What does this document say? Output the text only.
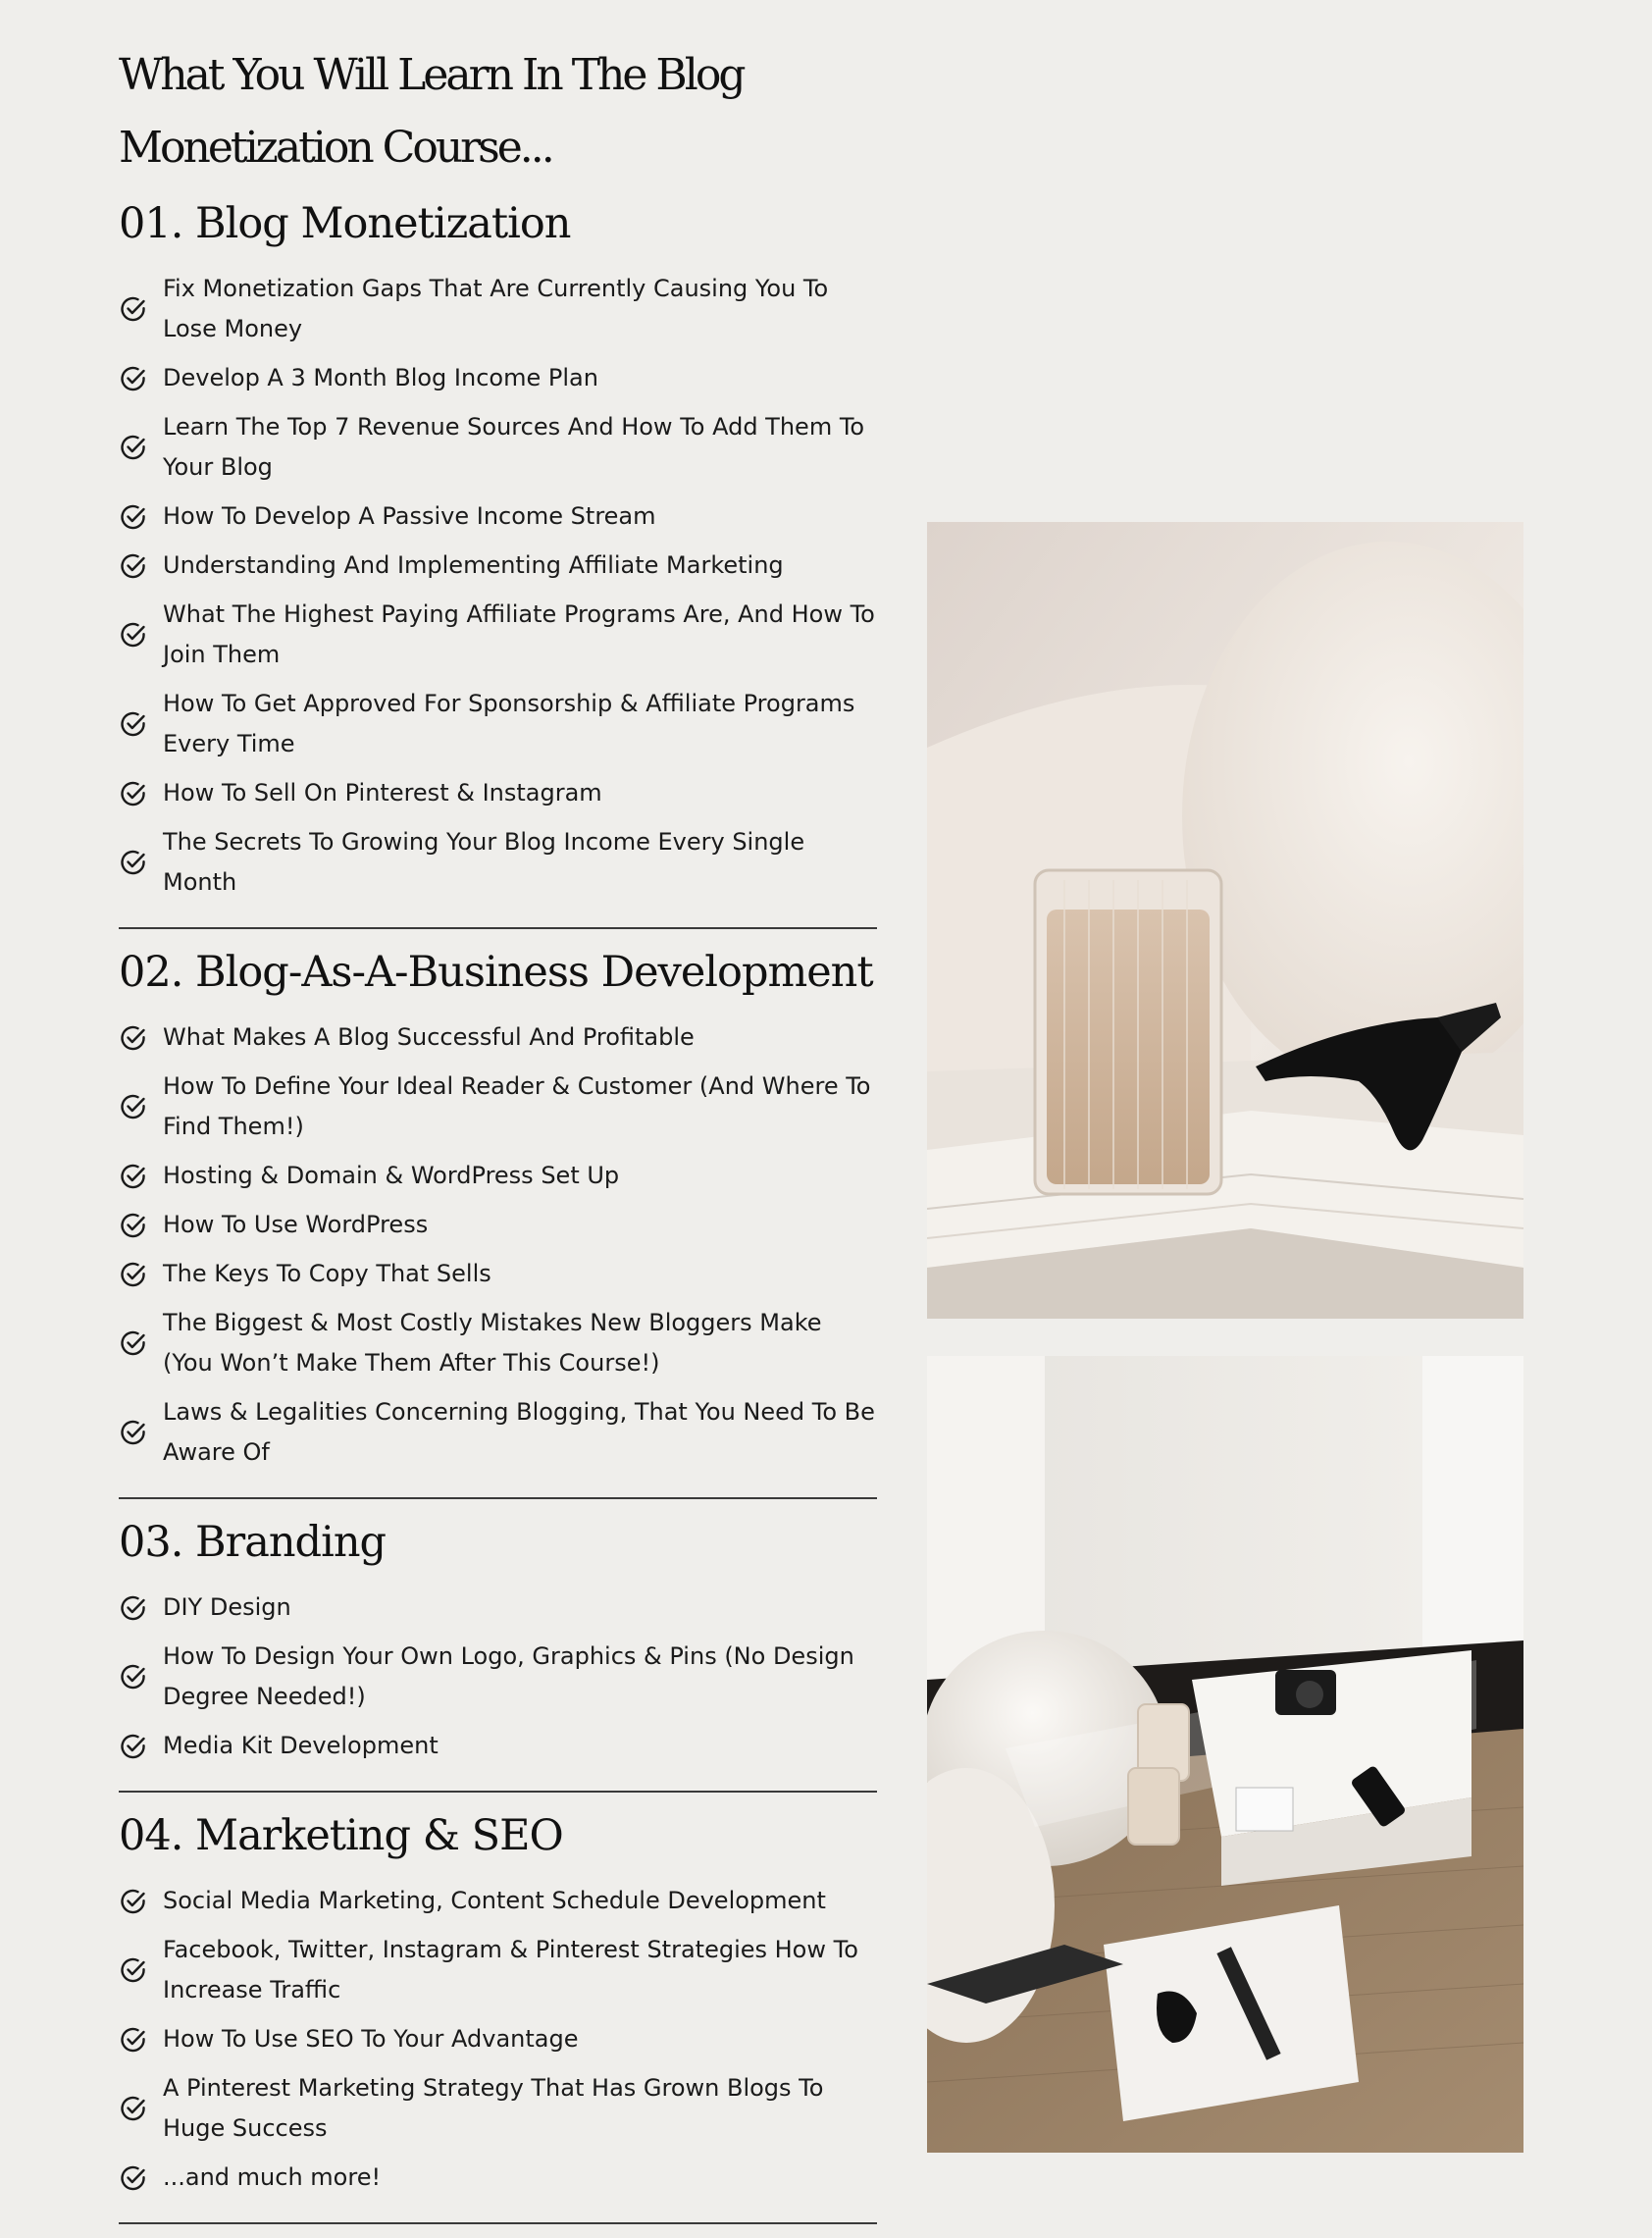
What You Will Learn In The Blog Monetization Course...
01. Blog Monetization
Fix Monetization Gaps That Are Currently Causing You To Lose Money
Develop A 3 Month Blog Income Plan
Learn The Top 7 Revenue Sources And How To Add Them To Your Blog
How To Develop A Passive Income Stream
Understanding And Implementing Affiliate Marketing
What The Highest Paying Affiliate Programs Are, And How To Join Them
How To Get Approved For Sponsorship & Affiliate Programs Every Time
How To Sell On Pinterest & Instagram
The Secrets To Growing Your Blog Income Every Single Month
02. Blog-As-A-Business Development
What Makes A Blog Successful And Profitable
How To Define Your Ideal Reader & Customer (And Where To Find Them!)
Hosting & Domain & WordPress Set Up
How To Use WordPress
The Keys To Copy That Sells
The Biggest & Most Costly Mistakes New Bloggers Make (You Won’t Make Them After This Course!)
Laws & Legalities Concerning Blogging, That You Need To Be Aware Of
03. Branding
DIY Design
How To Design Your Own Logo, Graphics & Pins (No Design Degree Needed!)
Media Kit Development
04. Marketing & SEO
Social Media Marketing, Content Schedule Development
Facebook, Twitter, Instagram & Pinterest Strategies How To Increase Traffic
How To Use SEO To Your Advantage
A Pinterest Marketing Strategy That Has Grown Blogs To Huge Success
...and much more!
